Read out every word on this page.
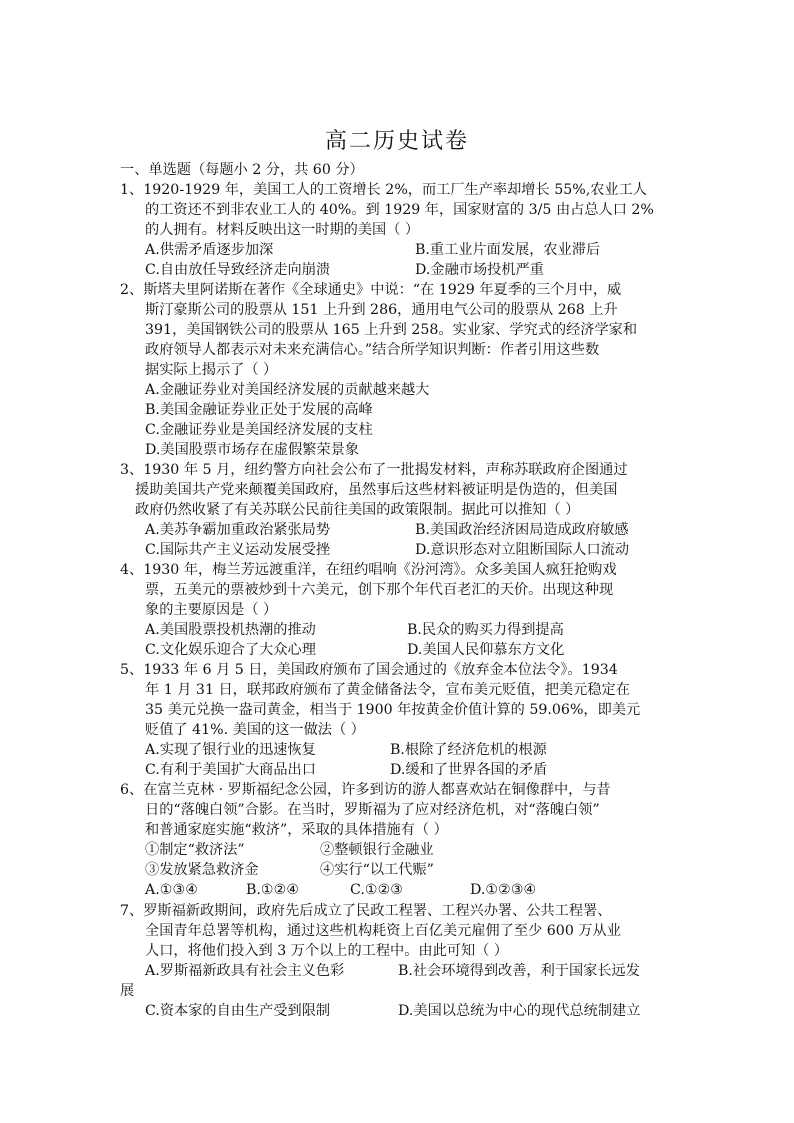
高二历史试卷
一、单选题（每题小 2 分，共 60 分）
1、1920-1929 年，美国工人的工资增长 2%，而工厂生产率却增长 55%,农业工人
的工资还不到非农业工人的 40%。到 1929 年，国家财富的 3/5 由占总人口 2%
的人拥有。材料反映出这一时期的美国（ ）
A.供需矛盾逐步加深	B.重工业片面发展，农业滞后
C.自由放任导致经济走向崩溃	D.金融市场投机严重
2、斯塔夫里阿诺斯在著作《全球通史》中说：“在 1929 年夏季的三个月中，威
斯汀豪斯公司的股票从 151 上升到 286，通用电气公司的股票从 268 上升
391，美国钢铁公司的股票从 165 上升到 258。实业家、学究式的经济学家和
政府领导人都表示对未来充满信心。”结合所学知识判断：作者引用这些数
据实际上揭示了（ ）
A.金融证券业对美国经济发展的贡献越来越大
B.美国金融证券业正处于发展的高峰
C.金融证券业是美国经济发展的支柱
D.美国股票市场存在虚假繁荣景象
3、1930 年 5 月，纽约警方向社会公布了一批揭发材料，声称苏联政府企图通过
援助美国共产党来颠覆美国政府，虽然事后这些材料被证明是伪造的，但美国
政府仍然收紧了有关苏联公民前往美国的政策限制。据此可以推知（ ）
A.美苏争霸加重政治紧张局势	B.美国政治经济困局造成政府敏感
C.国际共产主义运动发展受挫	D.意识形态对立阻断国际人口流动
4、1930 年，梅兰芳远渡重洋，在纽约唱响《汾河湾》。众多美国人疯狂抢购戏
票，五美元的票被炒到十六美元，创下那个年代百老汇的天价。出现这种现
象的主要原因是（ ）
A.美国股票投机热潮的推动	B.民众的购买力得到提高
C.文化娱乐迎合了大众心理	D.美国人民仰慕东方文化
5、1933 年 6 月 5 日，美国政府颁布了国会通过的《放弃金本位法令》。1934
年 1 月 31 日，联邦政府颁布了黄金储备法令，宣布美元贬值，把美元稳定在
35 美元兑换一盎司黄金，相当于 1900 年按黄金价值计算的 59.06%，即美元
贬值了 41%. 美国的这一做法（ ）
A.实现了银行业的迅速恢复	B.根除了经济危机的根源
C.有利于美国扩大商品出口	D.缓和了世界各国的矛盾
6、在富兰克林 · 罗斯福纪念公园，许多到访的游人都喜欢站在铜像群中，与昔
日的“落魄白领”合影。在当时，罗斯福为了应对经济危机，对“落魄白领”
和普通家庭实施“救济”，采取的具体措施有（ ）
①制定“救济法”	②整顿银行金融业
③发放紧急救济金	④实行“以工代赈”
A.①③④	B.①②④	C.①②③	D.①②③④
7、罗斯福新政期间，政府先后成立了民政工程署、工程兴办署、公共工程署、
全国青年总署等机构，通过这些机构耗资上百亿美元雇佣了至少 600 万从业
人口，将他们投入到 3 万个以上的工程中。由此可知（ ）
A.罗斯福新政具有社会主义色彩	B.社会环境得到改善，利于国家长远发
展
C.资本家的自由生产受到限制	D.美国以总统为中心的现代总统制建立
